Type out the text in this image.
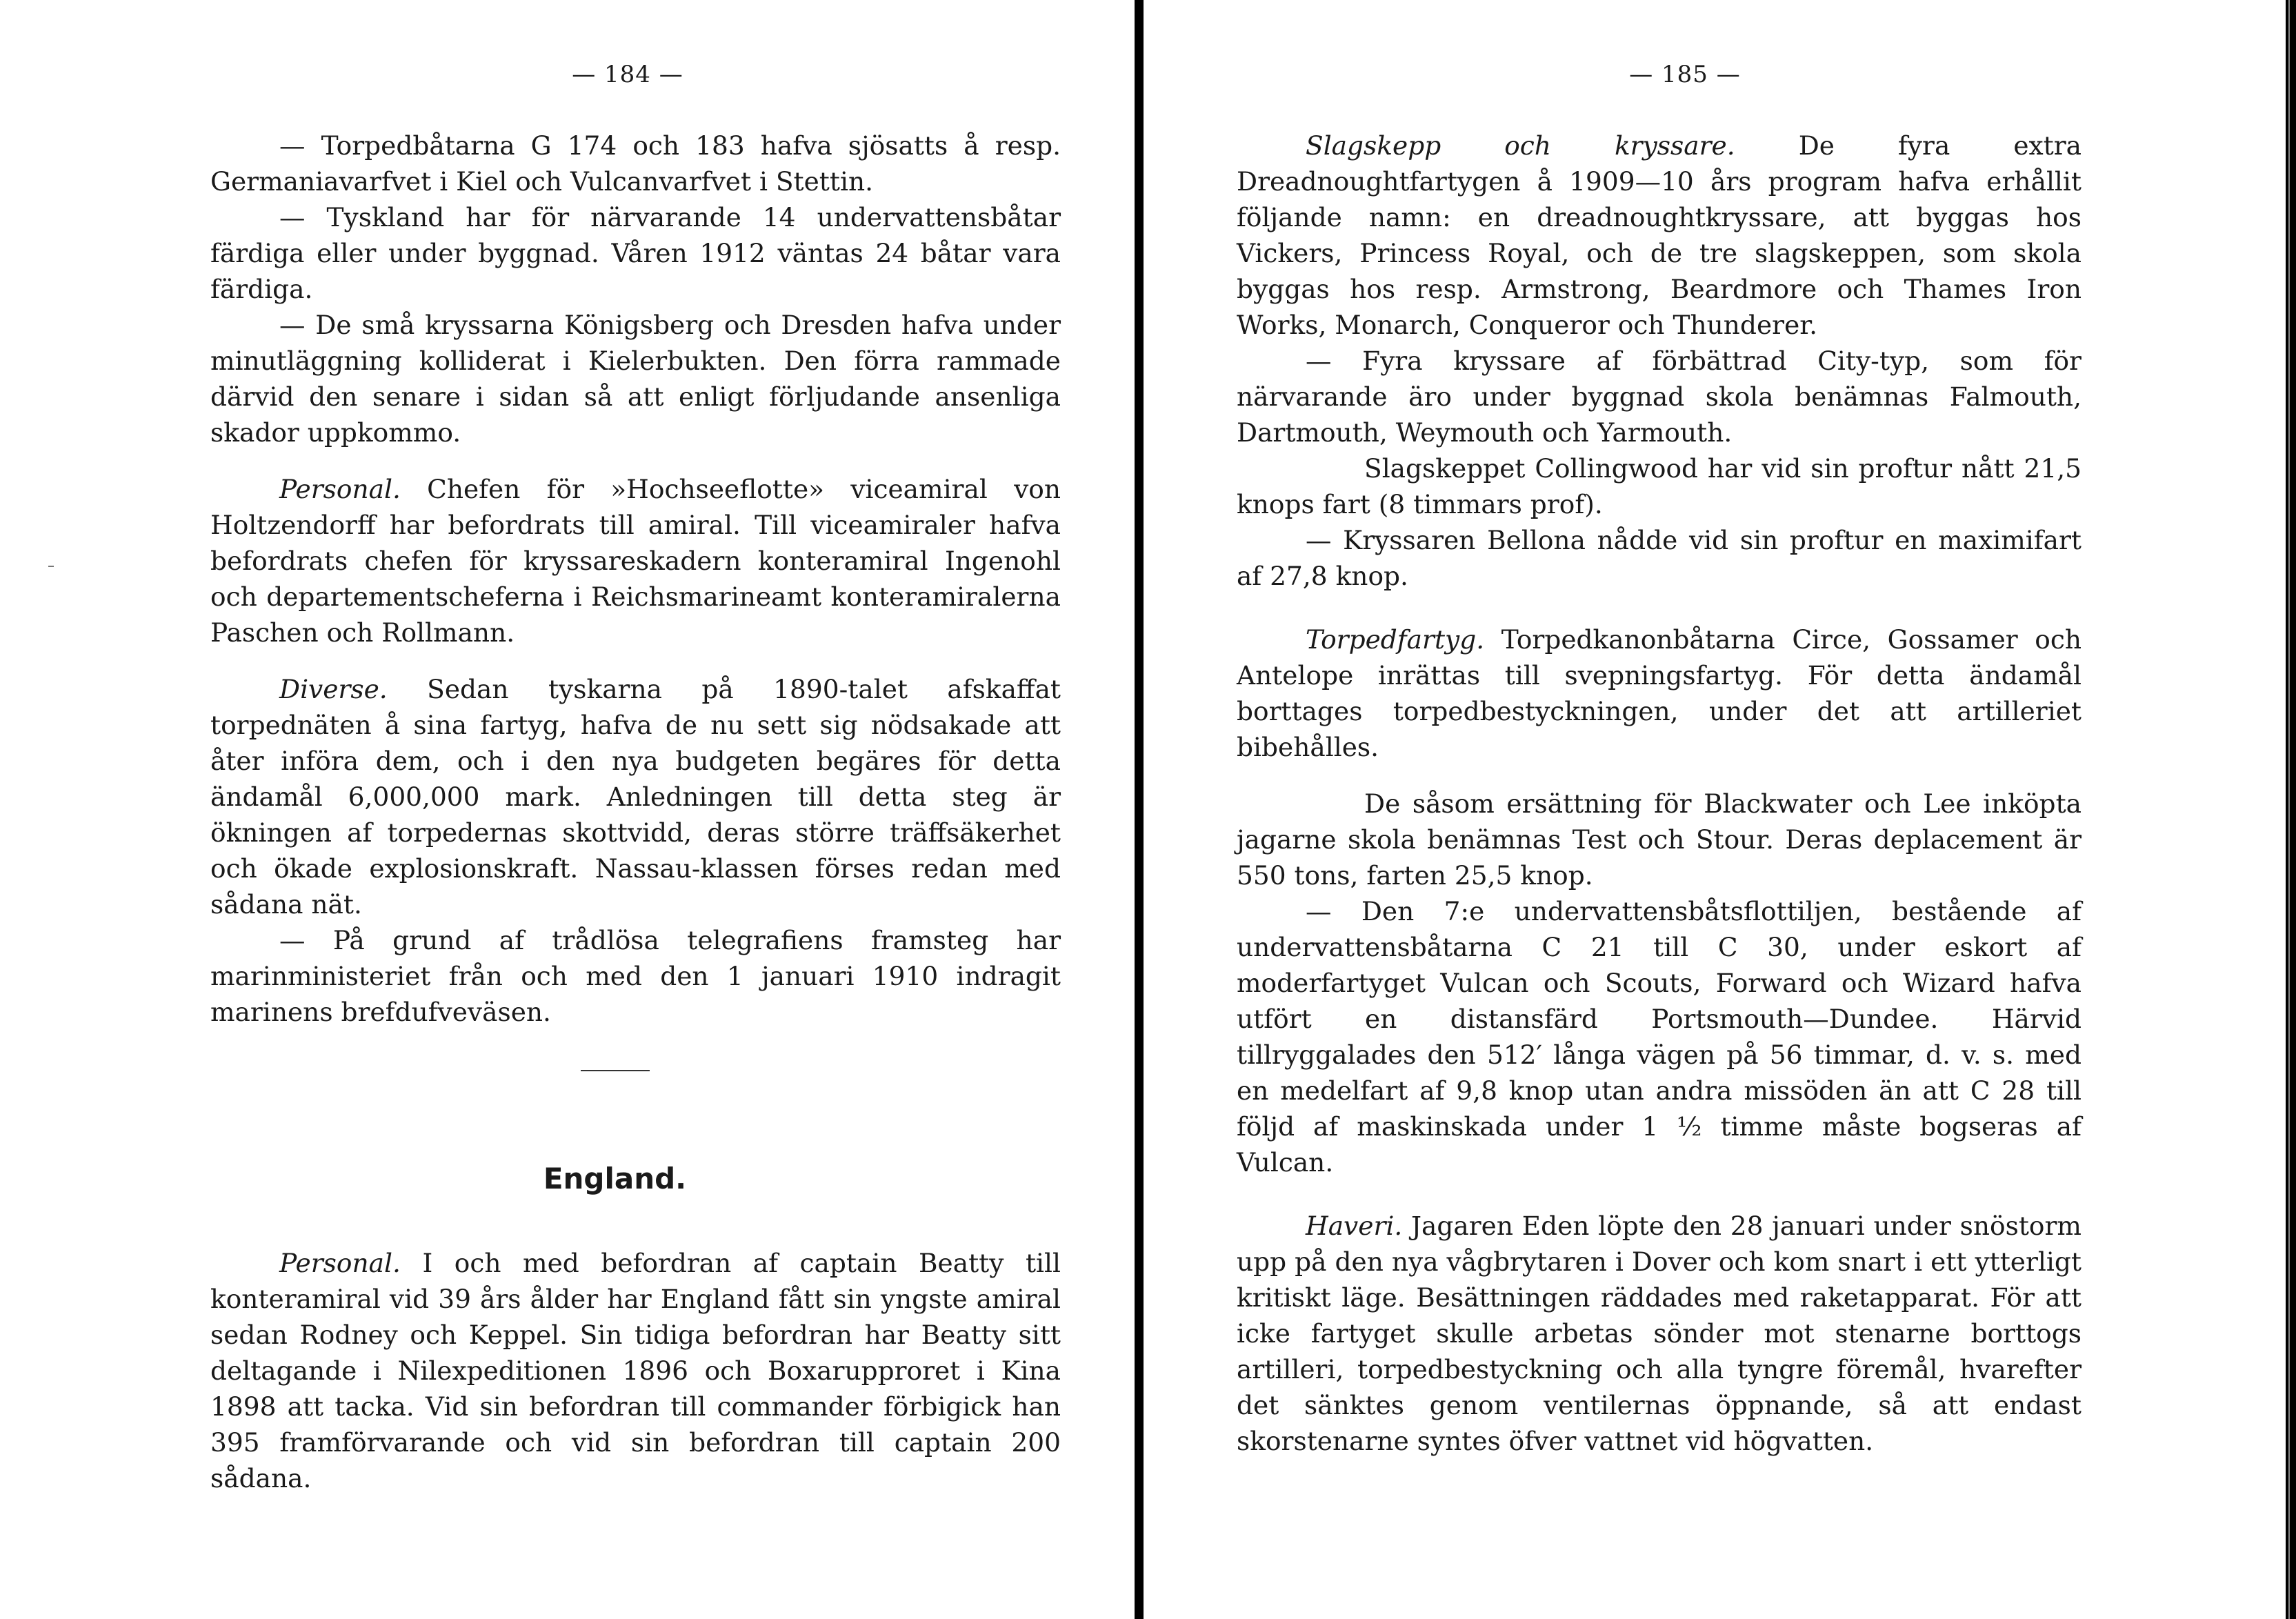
— 184 —

— Torpedbåtarna G 174 och 183 hafva sjösatts å resp. Germaniavarfvet i Kiel och Vulcanvarfvet i Stettin.

— Tyskland har för närvarande 14 undervattensbåtar färdiga eller under byggnad. Våren 1912 väntas 24 båtar vara färdiga.

— De små kryssarna Königsberg och Dresden hafva under minutläggning kolliderat i Kielerbukten. Den förra rammade därvid den senare i sidan så att enligt förljudande ansenliga skador uppkommo.

Personal. Chefen för »Hochseeflotte» viceamiral von Holtzendorff har befordrats till amiral. Till viceamiraler hafva befordrats chefen för kryssareskadern konteramiral Ingenohl och departementscheferna i Reichsmarineamt konteramiralerna Paschen och Rollmann.

Diverse. Sedan tyskarna på 1890-talet afskaffat torpednäten å sina fartyg, hafva de nu sett sig nödsakade att åter införa dem, och i den nya budgeten begäres för detta ändamål 6,000,000 mark. Anledningen till detta steg är ökningen af torpedernas skottvidd, deras större träffsäkerhet och ökade explosionskraft. Nassau-klassen förses redan med sådana nät.

— På grund af trådlösa telegrafiens framsteg har marinministeriet från och med den 1 januari 1910 indragit marinens brefdufveväsen.

England.

Personal. I och med befordran af captain Beatty till konteramiral vid 39 års ålder har England fått sin yngste amiral sedan Rodney och Keppel. Sin tidiga befordran har Beatty sitt deltagande i Nilexpeditionen 1896 och Boxarupproret i Kina 1898 att tacka. Vid sin befordran till commander förbigick han 395 framförvarande och vid sin befordran till captain 200 sådana.

— 185 —

Slagskepp och kryssare. De fyra extra Dreadnoughtfartygen å 1909—10 års program hafva erhållit följande namn: en dreadnoughtkryssare, att byggas hos Vickers, Princess Royal, och de tre slagskeppen, som skola byggas hos resp. Armstrong, Beardmore och Thames Iron Works, Monarch, Conqueror och Thunderer.

— Fyra kryssare af förbättrad City-typ, som för närvarande äro under byggnad skola benämnas Falmouth, Dartmouth, Weymouth och Yarmouth.

Slagskeppet Collingwood har vid sin proftur nått 21,5 knops fart (8 timmars prof).

— Kryssaren Bellona nådde vid sin proftur en maximifart af 27,8 knop.

Torpedfartyg. Torpedkanonbåtarna Circe, Gossamer och Antelope inrättas till svepningsfartyg. För detta ändamål borttages torpedbestyckningen, under det att artilleriet bibehålles.

De såsom ersättning för Blackwater och Lee inköpta jagarne skola benämnas Test och Stour. Deras deplacement är 550 tons, farten 25,5 knop.

— Den 7:e undervattensbåtsflottiljen, bestående af undervattensbåtarna C 21 till C 30, under eskort af moderfartyget Vulcan och Scouts, Forward och Wizard hafva utfört en distansfärd Portsmouth—Dundee. Härvid tillryggalades den 512′ långa vägen på 56 timmar, d. v. s. med en medelfart af 9,8 knop utan andra missöden än att C 28 till följd af maskinskada under 1 ½ timme måste bogseras af Vulcan.

Haveri. Jagaren Eden löpte den 28 januari under snöstorm upp på den nya vågbrytaren i Dover och kom snart i ett ytterligt kritiskt läge. Besättningen räddades med raketapparat. För att icke fartyget skulle arbetas sönder mot stenarne borttogs artilleri, torpedbestyckning och alla tyngre föremål, hvarefter det sänktes genom ventilernas öppnande, så att endast skorstenarne syntes öfver vattnet vid högvatten.
